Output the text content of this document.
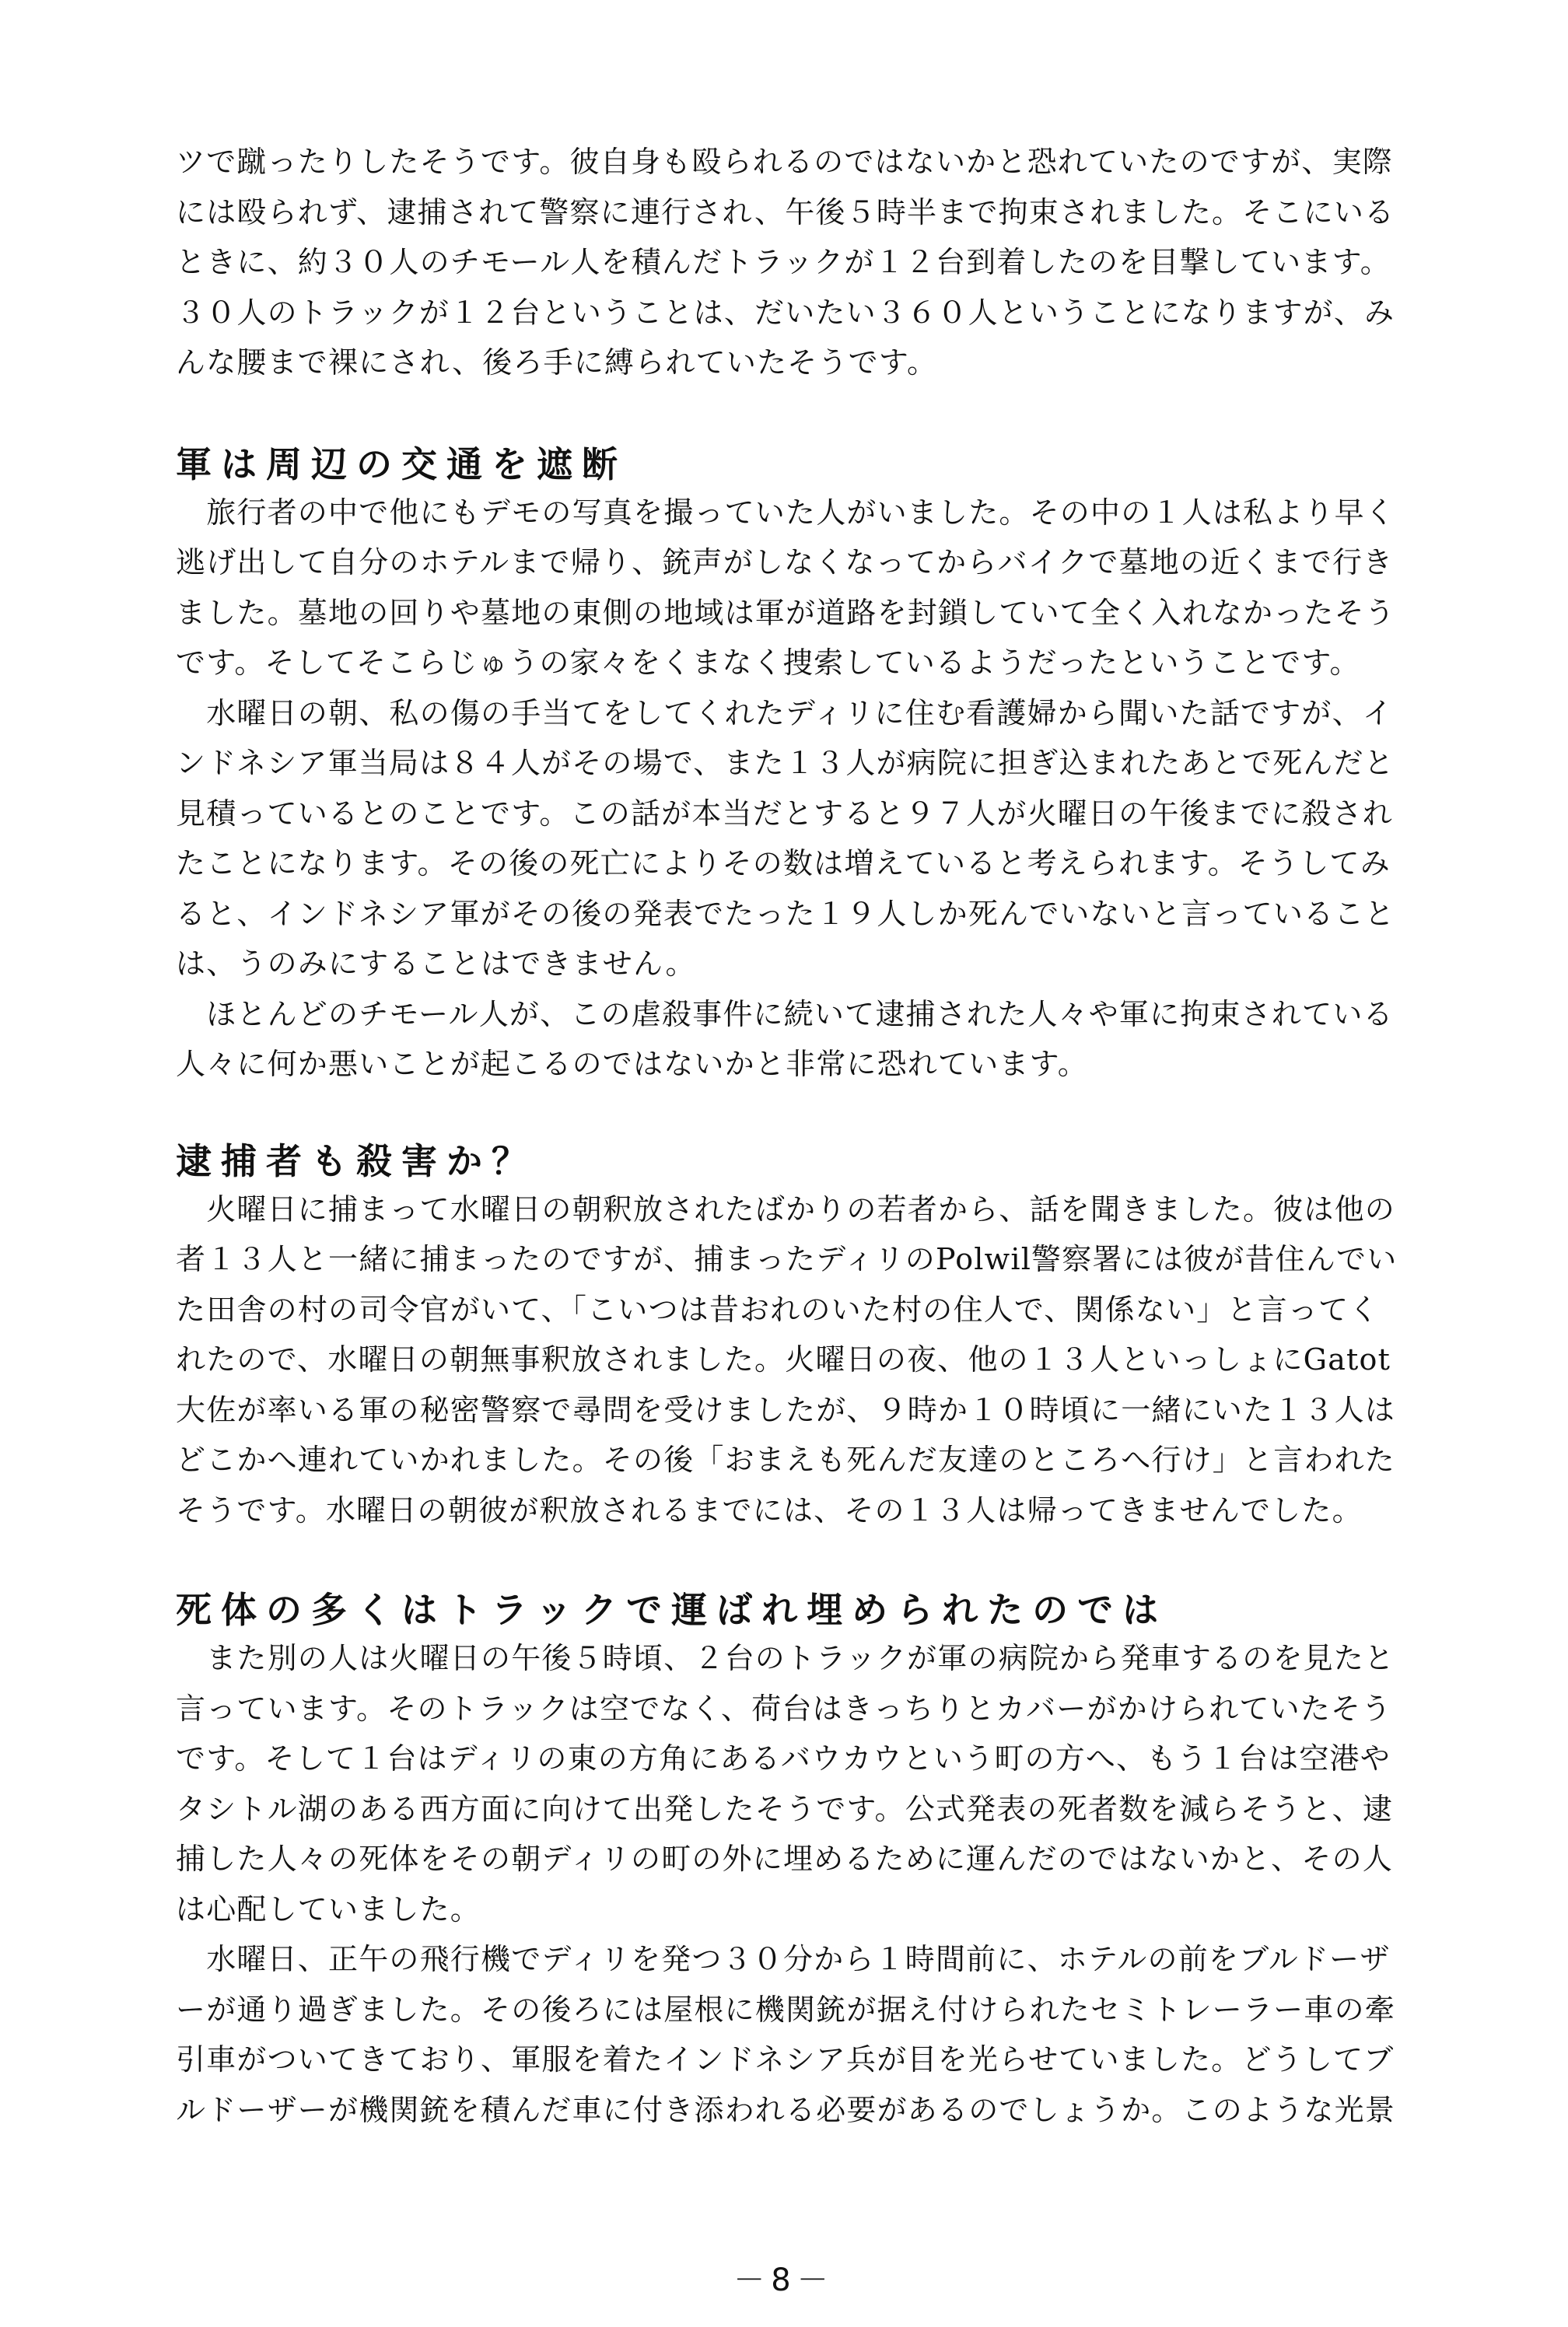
ツで蹴ったりしたそうです。彼自身も殴られるのではないかと恐れていたのですが、実際
には殴られず、逮捕されて警察に連行され、午後５時半まで拘束されました。そこにいる
ときに、約３０人のチモール人を積んだトラックが１２台到着したのを目撃しています。
３０人のトラックが１２台ということは、だいたい３６０人ということになりますが、み
んな腰まで裸にされ、後ろ手に縛られていたそうです。

軍は周辺の交通を遮断

　旅行者の中で他にもデモの写真を撮っていた人がいました。その中の１人は私より早く
逃げ出して自分のホテルまで帰り、銃声がしなくなってからバイクで墓地の近くまで行き
ました。墓地の回りや墓地の東側の地域は軍が道路を封鎖していて全く入れなかったそう
です。そしてそこらじゅうの家々をくまなく捜索しているようだったということです。

　水曜日の朝、私の傷の手当てをしてくれたディリに住む看護婦から聞いた話ですが、イ
ンドネシア軍当局は８４人がその場で、また１３人が病院に担ぎ込まれたあとで死んだと
見積っているとのことです。この話が本当だとすると９７人が火曜日の午後までに殺され
たことになります。その後の死亡によりその数は増えていると考えられます。そうしてみ
ると、インドネシア軍がその後の発表でたった１９人しか死んでいないと言っていること
は、うのみにすることはできません。

　ほとんどのチモール人が、この虐殺事件に続いて逮捕された人々や軍に拘束されている
人々に何か悪いことが起こるのではないかと非常に恐れています。

逮捕者も殺害か？

　火曜日に捕まって水曜日の朝釈放されたばかりの若者から、話を聞きました。彼は他の
者１３人と一緒に捕まったのですが、捕まったディリのPolwil警察署には彼が昔住んでい
た田舎の村の司令官がいて、「こいつは昔おれのいた村の住人で、関係ない」と言ってく
れたので、水曜日の朝無事釈放されました。火曜日の夜、他の１３人といっしょにGatot
大佐が率いる軍の秘密警察で尋問を受けましたが、９時か１０時頃に一緒にいた１３人は
どこかへ連れていかれました。その後「おまえも死んだ友達のところへ行け」と言われた
そうです。水曜日の朝彼が釈放されるまでには、その１３人は帰ってきませんでした。

死体の多くはトラックで運ばれ埋められたのでは

　また別の人は火曜日の午後５時頃、２台のトラックが軍の病院から発車するのを見たと
言っています。そのトラックは空でなく、荷台はきっちりとカバーがかけられていたそう
です。そして１台はディリの東の方角にあるバウカウという町の方へ、もう１台は空港や
タシトル湖のある西方面に向けて出発したそうです。公式発表の死者数を減らそうと、逮
捕した人々の死体をその朝ディリの町の外に埋めるために運んだのではないかと、その人
は心配していました。

　水曜日、正午の飛行機でディリを発つ３０分から１時間前に、ホテルの前をブルドーザ
ーが通り過ぎました。その後ろには屋根に機関銃が据え付けられたセミトレーラー車の牽
引車がついてきており、軍服を着たインドネシア兵が目を光らせていました。どうしてブ
ルドーザーが機関銃を積んだ車に付き添われる必要があるのでしょうか。このような光景

－8－
